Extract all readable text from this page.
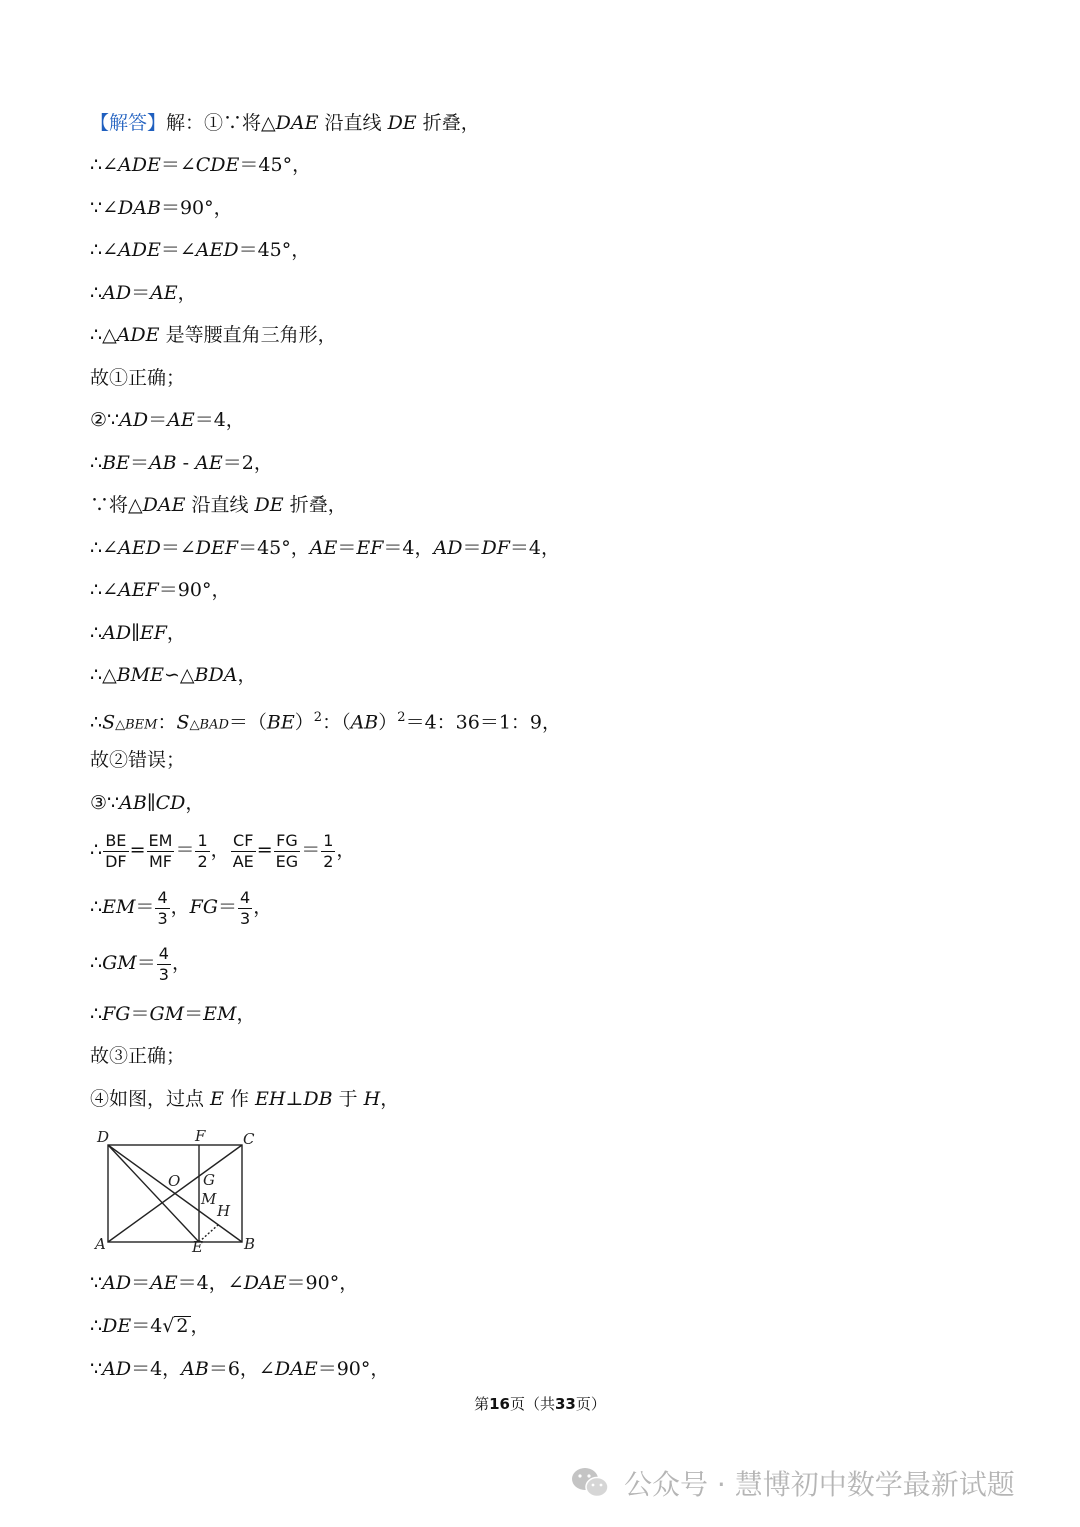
【解答】解：①∵将△DAE 沿直线 DE 折叠，
∴∠ADE＝∠CDE＝45°，
∵∠DAB＝90°，
∴∠ADE＝∠AED＝45°，
∴AD＝AE，
∴△ADE 是等腰直角三角形，
故①正确；
②∵AD＝AE＝4，
∴BE＝AB - AE＝2，
∵将△DAE 沿直线 DE 折叠，
∴∠AED＝∠DEF＝45°，AE＝EF＝4，AD＝DF＝4，
∴∠AEF＝90°，
∴AD∥EF，
∴△BME∽△BDA，
∴S△BEM：S△BAD＝（BE）$^2$：（AB）$^2$＝4：36＝1：9，
故②错误；
③∵AB∥CD，
∴ $\frac{BE}{DF} = \frac{EM}{MF} = \frac{1}{2}$ ， $\frac{CF}{AE} = \frac{FG}{EG} = \frac{1}{2}$ ，
∴EM＝ $\frac{4}{3}$ ，$FG= \frac{4}{3}$ ，
∴GM＝ $\frac{4}{3}$ ，
∴FG＝GM＝EM，
故③正确；
④如图，过点 E 作 EH⊥DB 于 H，
D	F	C
O G
M
H
A	E	B
∵AD＝AE＝4，∠DAE＝90°，
∴DE＝4√ 2 ，
∵AD＝4，AB＝6，∠DAE＝90°，
第16页（共33页）
公众号 · 慧博初中数学最新试题
